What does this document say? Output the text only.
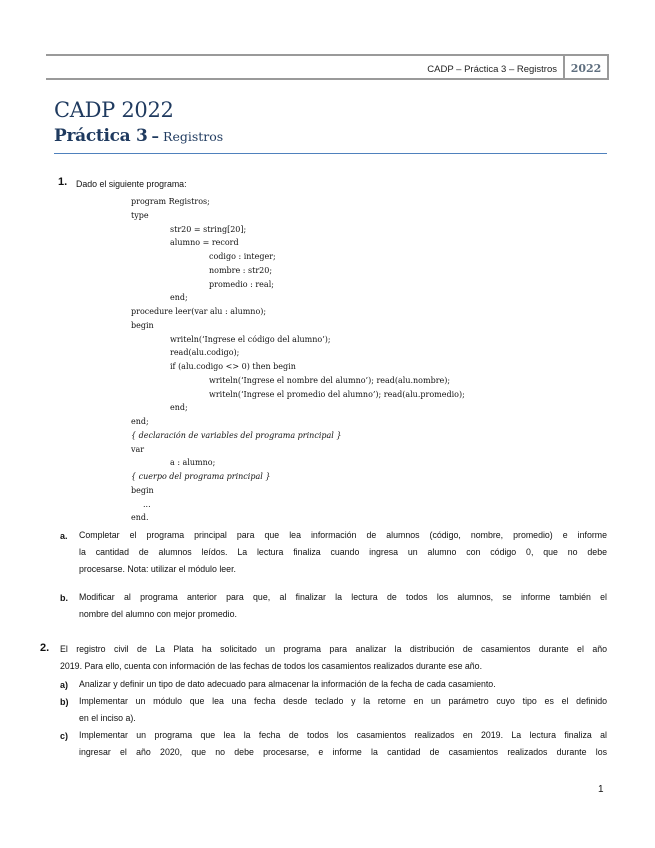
CADP – Práctica 3 – Registros	2022
CADP 2022
Práctica 3 – Registros
1. Dado el siguiente programa:
program Registros;
type
str20 = string[20];
alumno = record
codigo : integer;
nombre : str20;
promedio : real;
end;
procedure leer(var alu : alumno);
begin
writeln(‘Ingrese el código del alumno’);
read(alu.codigo);
if (alu.codigo <> 0) then begin
writeln(‘Ingrese el nombre del alumno’); read(alu.nombre);
writeln(‘Ingrese el promedio del alumno’); read(alu.promedio);
end;
end;
{ declaración de variables del programa principal }
var
a : alumno;
{ cuerpo del programa principal }
begin
...
end.
a. Completar el programa principal para que lea información de alumnos (código, nombre, promedio) e informe
la cantidad de alumnos leídos. La lectura finaliza cuando ingresa un alumno con código 0, que no debe
procesarse. Nota: utilizar el módulo leer.
b. Modificar al programa anterior para que, al finalizar la lectura de todos los alumnos, se informe también el
nombre del alumno con mejor promedio.
2. El registro civil de La Plata ha solicitado un programa para analizar la distribución de casamientos durante el año
2019. Para ello, cuenta con información de las fechas de todos los casamientos realizados durante ese año.
a) Analizar y definir un tipo de dato adecuado para almacenar la información de la fecha de cada casamiento.
b) Implementar un módulo que lea una fecha desde teclado y la retorne en un parámetro cuyo tipo es el definido
en el inciso a).
c) Implementar un programa que lea la fecha de todos los casamientos realizados en 2019. La lectura finaliza al
ingresar el año 2020, que no debe procesarse, e informe la cantidad de casamientos realizados durante los
1
